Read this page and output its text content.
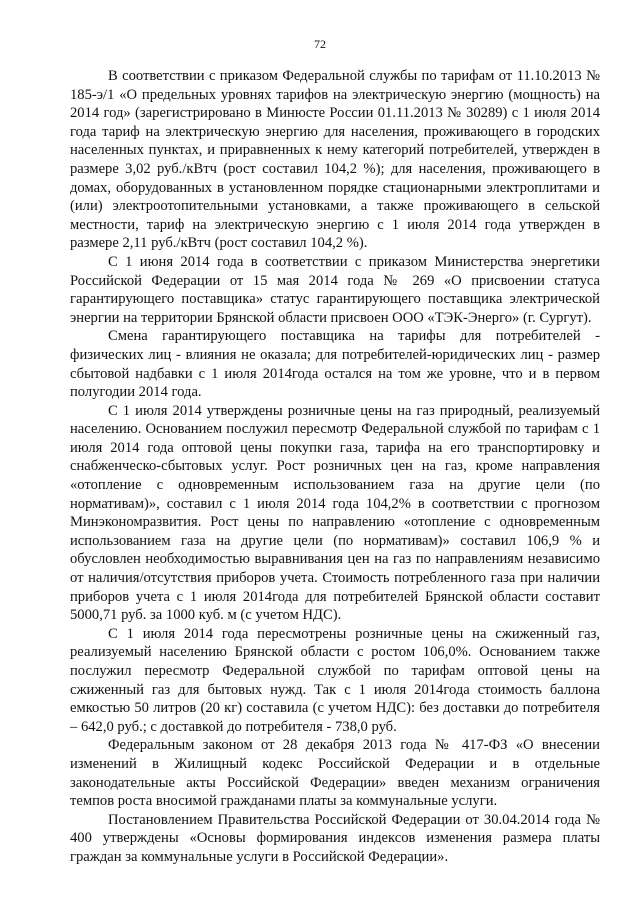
72

В соответствии с приказом Федеральной службы по тарифам от 11.10.2013 № 185-э/1 «О предельных уровнях тарифов на электрическую энергию (мощность) на 2014 год» (зарегистрировано в Минюсте России 01.11.2013 № 30289) с 1 июля 2014 года тариф на электрическую энергию для населения, проживающего в городских населенных пунктах, и приравненных к нему категорий потребителей, утвержден в размере 3,02 руб./кВтч (рост составил 104,2 %); для населения, проживающего в домах, оборудованных в установленном порядке стационарными электроплитами и (или) электроотопительными установками, а также проживающего в сельской местности, тариф на электрическую энергию с 1 июля 2014 года утвержден в размере 2,11 руб./кВтч (рост составил 104,2 %).

С 1 июня 2014 года в соответствии с приказом Министерства энергетики Российской Федерации от 15 мая 2014 года № 269 «О присвоении статуса гарантирующего поставщика» статус гарантирующего поставщика электрической энергии на территории Брянской области присвоен ООО «ТЭК-Энерго» (г. Сургут).

Смена гарантирующего поставщика на тарифы для потребителей - физических лиц - влияния не оказала; для потребителей-юридических лиц - размер сбытовой надбавки с 1 июля 2014года остался на том же уровне, что и в первом полугодии 2014 года.

С 1 июля 2014 утверждены розничные цены на газ природный, реализуемый населению. Основанием послужил пересмотр Федеральной службой по тарифам с 1 июля 2014 года оптовой цены покупки газа, тарифа на его транспортировку и снабженческо-сбытовых услуг. Рост розничных цен на газ, кроме направления «отопление с одновременным использованием газа на другие цели (по нормативам)», составил с 1 июля 2014 года 104,2% в соответствии с прогнозом Минэкономразвития. Рост цены по направлению «отопление с одновременным использованием газа на другие цели (по нормативам)» составил 106,9 % и обусловлен необходимостью выравнивания цен на газ по направлениям независимо от наличия/отсутствия приборов учета. Стоимость потребленного газа при наличии приборов учета с 1 июля 2014года для потребителей Брянской области составит 5000,71 руб. за 1000 куб. м (с учетом НДС).

С 1 июля 2014 года пересмотрены розничные цены на сжиженный газ, реализуемый населению Брянской области с ростом 106,0%. Основанием также послужил пересмотр Федеральной службой по тарифам оптовой цены на сжиженный газ для бытовых нужд. Так с 1 июля 2014года стоимость баллона емкостью 50 литров (20 кг) составила (с учетом НДС): без доставки до потребителя – 642,0 руб.; с доставкой до потребителя - 738,0 руб.

Федеральным законом от 28 декабря 2013 года № 417-ФЗ «О внесении изменений в Жилищный кодекс Российской Федерации и в отдельные законодательные акты Российской Федерации» введен механизм ограничения темпов роста вносимой гражданами платы за коммунальные услуги.

Постановлением Правительства Российской Федерации от 30.04.2014 года № 400 утверждены «Основы формирования индексов изменения размера платы граждан за коммунальные услуги в Российской Федерации».
